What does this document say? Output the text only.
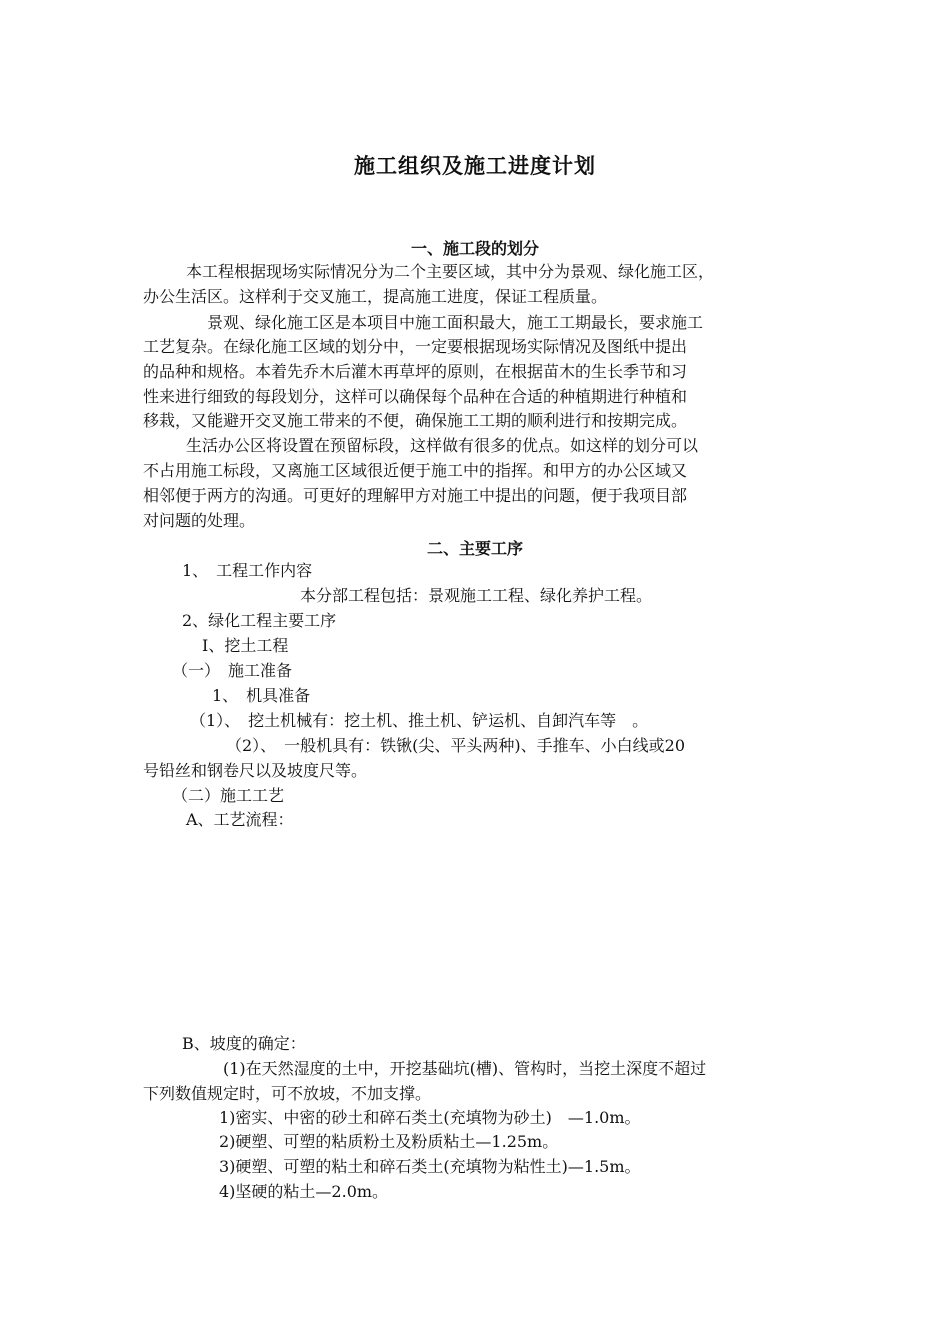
施工组织及施工进度计划
一、施工段的划分
本工程根据现场实际情况分为二个主要区域，其中分为景观、绿化施工区，
办公生活区。这样利于交叉施工，提高施工进度，保证工程质量。
景观、绿化施工区是本项目中施工面积最大，施工工期最长，要求施工
工艺复杂。在绿化施工区域的划分中，一定要根据现场实际情况及图纸中提出
的品种和规格。本着先乔木后灌木再草坪的原则，在根据苗木的生长季节和习
性来进行细致的每段划分，这样可以确保每个品种在合适的种植期进行种植和
移栽，又能避开交叉施工带来的不便，确保施工工期的顺利进行和按期完成。
生活办公区将设置在预留标段，这样做有很多的优点。如这样的划分可以
不占用施工标段，又离施工区域很近便于施工中的指挥。和甲方的办公区域又
相邻便于两方的沟通。可更好的理解甲方对施工中提出的问题，便于我项目部
对问题的处理。
二、主要工序
1、　工程工作内容
本分部工程包括：景观施工工程、绿化养护工程。
2、绿化工程主要工序
Ⅰ、挖土工程
（一）　施工准备
1、　机具准备
（1）、　挖土机械有：挖土机、推土机、铲运机、自卸汽车等　。
（2）、　一般机具有：铁锹(尖、平头两种)、手推车、小白线或20
号铅丝和钢卷尺以及坡度尺等。
（二）施工工艺
A、工艺流程：
B、坡度的确定：
(1)在天然湿度的土中，开挖基础坑(槽)、管构时，当挖土深度不超过
下列数值规定时，可不放坡，不加支撑。
1)密实、中密的砂土和碎石类土(充填物为砂土)　—1.0m。
2)硬塑、可塑的粘质粉土及粉质粘土—1.25m。
3)硬塑、可塑的粘土和碎石类土(充填物为粘性土)—1.5m。
4)坚硬的粘土—2.0m。
